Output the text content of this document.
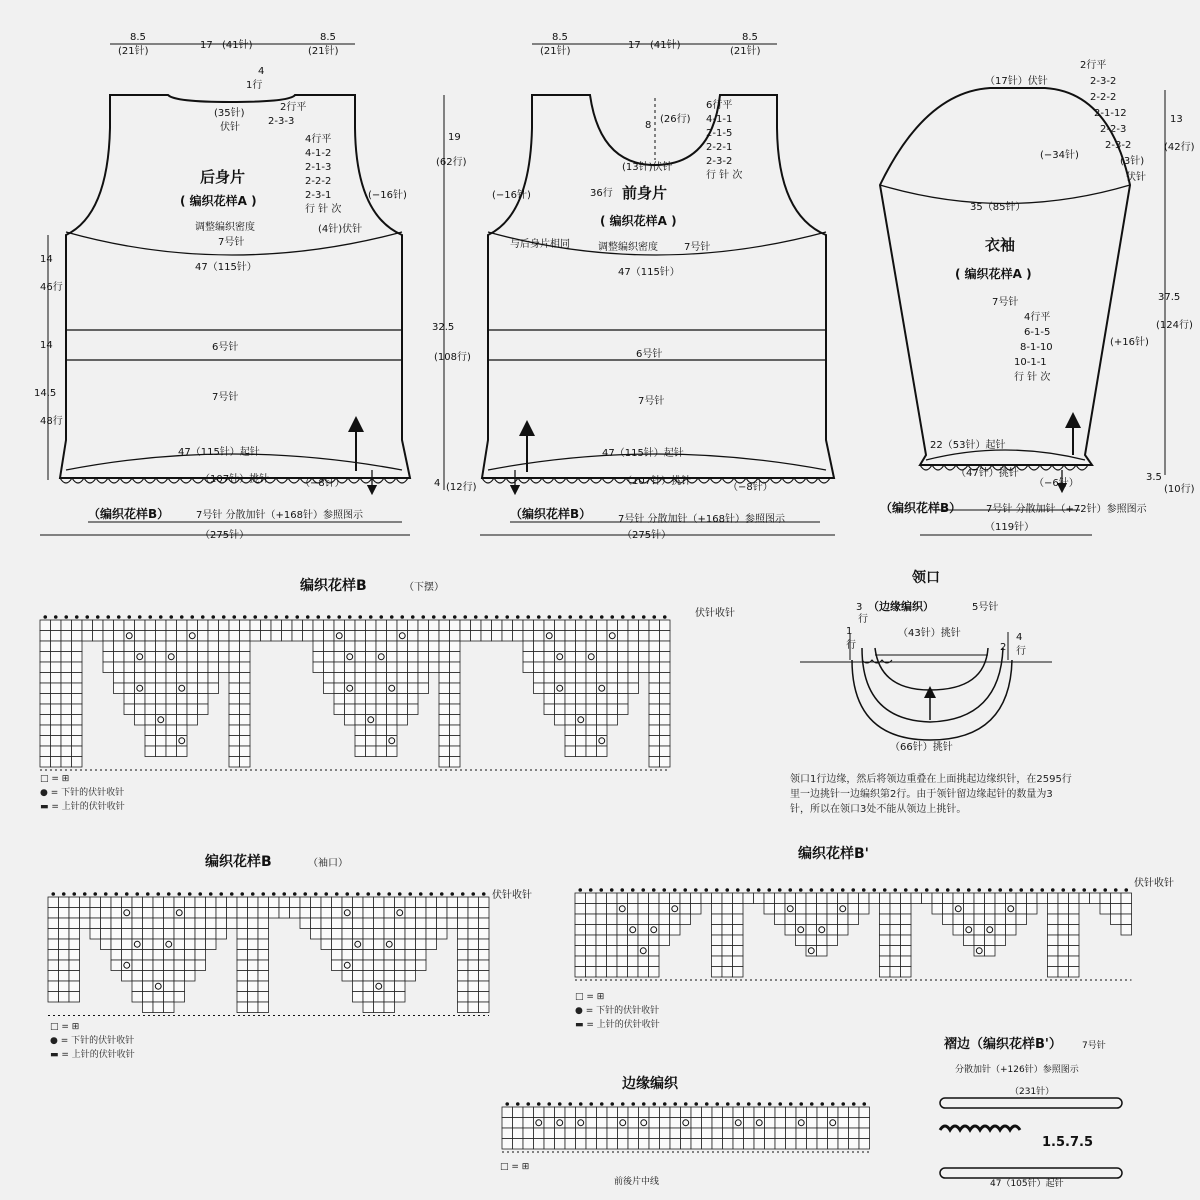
8.5
(21针)
17 (41针)
8.5
(21针)
4
1行
(35针)
伏针
2行平
2-3-3
4行平
4-1-2
2-1-3
2-2-2
2-3-1
行 针 次
(−16针)
(4针)伏针
后身片
( 编织花样A )
调整编织密度
7号针
47（115针）
6号针
7号针
47（115针）起针
（107针）挑针	（−8针）
14
46行
14
14.5
48行
（编织花样B）	7号针 分散加针（+168针）参照图示
（275针）
19
(62行)
32.5
(108行)
4 (12行)
8.5
(21针)
17 (41针)
8.5
(21针)
8
(26行)
6行平
4-1-1
2-1-5
2-2-1
2-3-2
行 针 次
(13针)伏针
前身片
( 编织花样A )
36行
(−16针)
与后身片相同	调整编织密度	7号针
47（115针）
6号针
7号针
47（115针）起针
（107针）挑针
（−8针）
（编织花样B）	7号针 分散加针（+168针）参照图示
（275针）
（17针）伏针
2行平
2-3-2
2-2-2
2-1-12
2-2-3
2-3-2
(3针)
伏针
(−34针)
13
(42行)
35（85针）
衣袖
( 编织花样A )
7号针
4行平
6-1-5
8-1-10
10-1-1
行 针 次
(+16针)
37.5
(124行)
22（53针）起针
（47针）挑针
（−6针）
3.5
(10行)
（编织花样B） 7号针 分散加针（+72针）参照图示
（119针）
编织花样B	（下摆）
伏针收针
编织花样B	（袖口）
伏针收针
编织花样B'
伏针收针
边缘编织
前後片中线
领口
（边缘编织）	5号针
（43针）挑针
（66针）挑针
3
行
1
行	2
4
行
褶边（编织花样B'） 7号针
分散加针（+126针）参照图示
（231针）
47（105针）起针
1.5.7.5
领口1行边缘，然后将领边重叠在上面挑起边缘织针，在2595行
里一边挑针一边编织第2行。由于领针留边缘起针的数量为3
针，所以在领口3处不能从领边上挑针。
□ = ⊞
● = 下针的伏针收针
▬ = 上针的伏针收针
□ = ⊞
● = 下针的伏针收针
▬ = 上针的伏针收针
□ = ⊞
● = 下针的伏针收针
▬ = 上针的伏针收针
□ = ⊞
